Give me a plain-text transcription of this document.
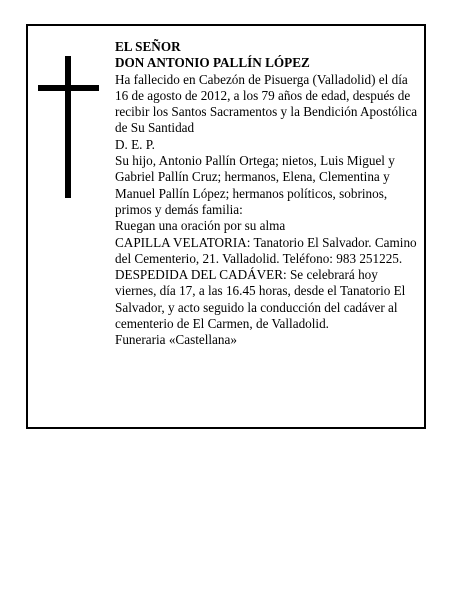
EL SEÑOR

DON ANTONIO PALLÍN LÓPEZ

Ha fallecido en Cabezón de Pisuerga (Valladolid) el día 16 de agosto de 2012, a los 79 años de edad, después de recibir los Santos Sacramentos y la Bendición Apostólica de Su Santidad

D. E. P.

Su hijo, Antonio Pallín Ortega; nietos, Luis Miguel y Gabriel Pallín Cruz; hermanos, Elena, Clementina y Manuel Pallín López; hermanos políticos, sobrinos, primos y demás familia:

Ruegan una oración por su alma

CAPILLA VELATORIA: Tanatorio El Salvador. Camino del Cementerio, 21. Valladolid. Teléfono: 983 251225.

DESPEDIDA DEL CADÁVER: Se celebrará hoy viernes, día 17, a las 16.45 horas, desde el Tanatorio El Salvador, y acto seguido la conducción del cadáver al cementerio de El Carmen, de Valladolid.

Funeraria «Castellana»
